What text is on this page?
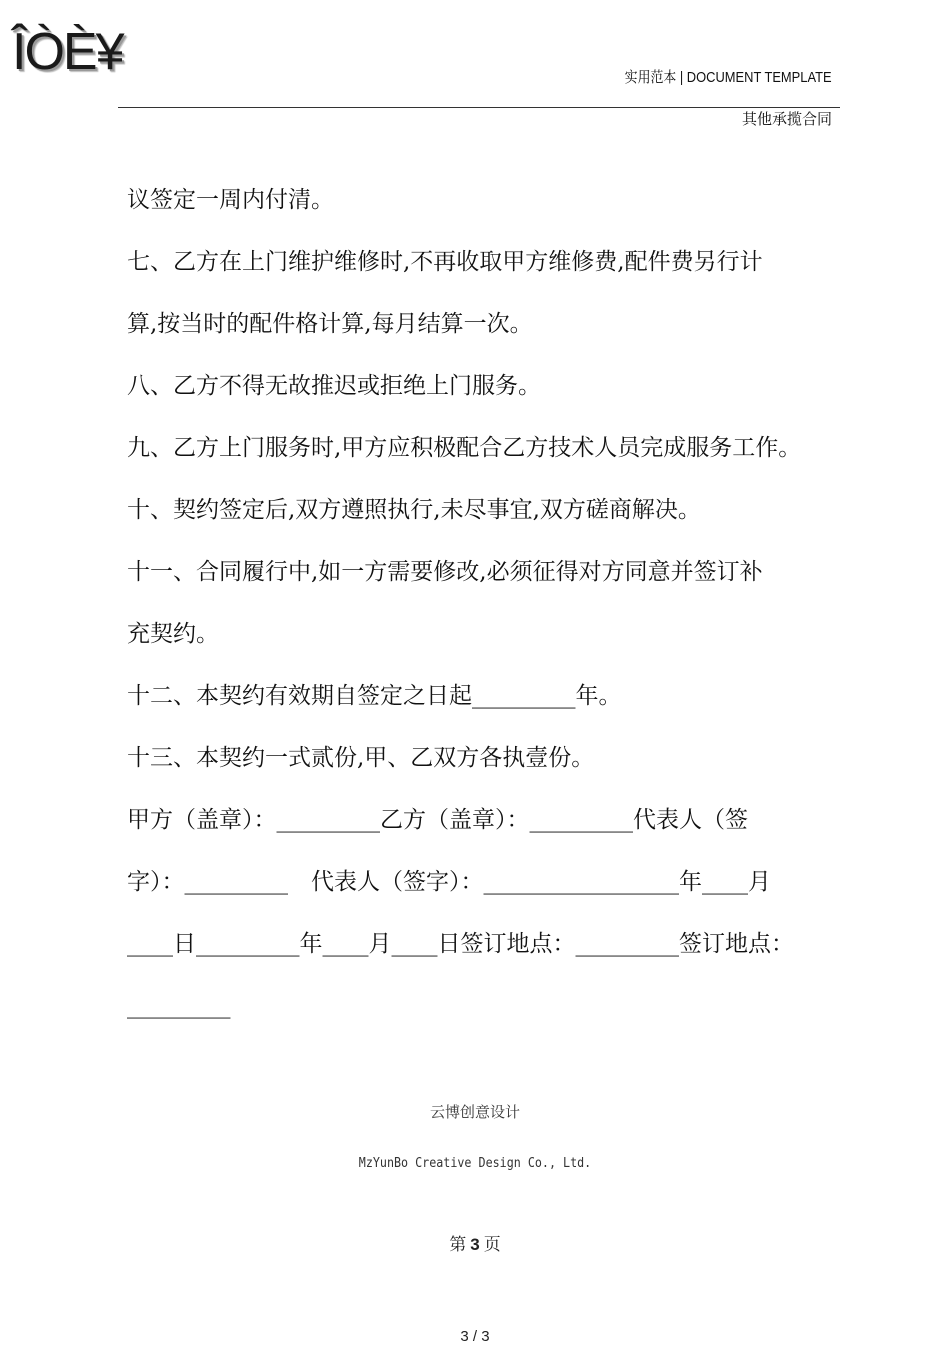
ÎÒÈ¥	实用范本 | DOCUMENT TEMPLATE
其他承揽合同

议签定一周内付清。

七、乙方在上门维护维修时,不再收取甲方维修费,配件费另行计

算,按当时的配件格计算,每月结算一次。

八、乙方不得无故推迟或拒绝上门服务。

九、乙方上门服务时,甲方应积极配合乙方技术人员完成服务工作。

十、契约签定后,双方遵照执行,未尽事宜,双方磋商解决。

十一、合同履行中,如一方需要修改,必须征得对方同意并签订补

充契约。

十二、本契约有效期自签定之日起_________年。

十三、本契约一式贰份,甲、乙双方各执壹份。

甲方（盖章）：_________乙方（盖章）：_________代表人（签

字）：_________　代表人（签字）：_________________年____月

____日_________年____月____日签订地点：_________签订地点：

_________

云博创意设计
MzYunBo Creative Design Co., Ltd.
第 3 页
3 / 3
